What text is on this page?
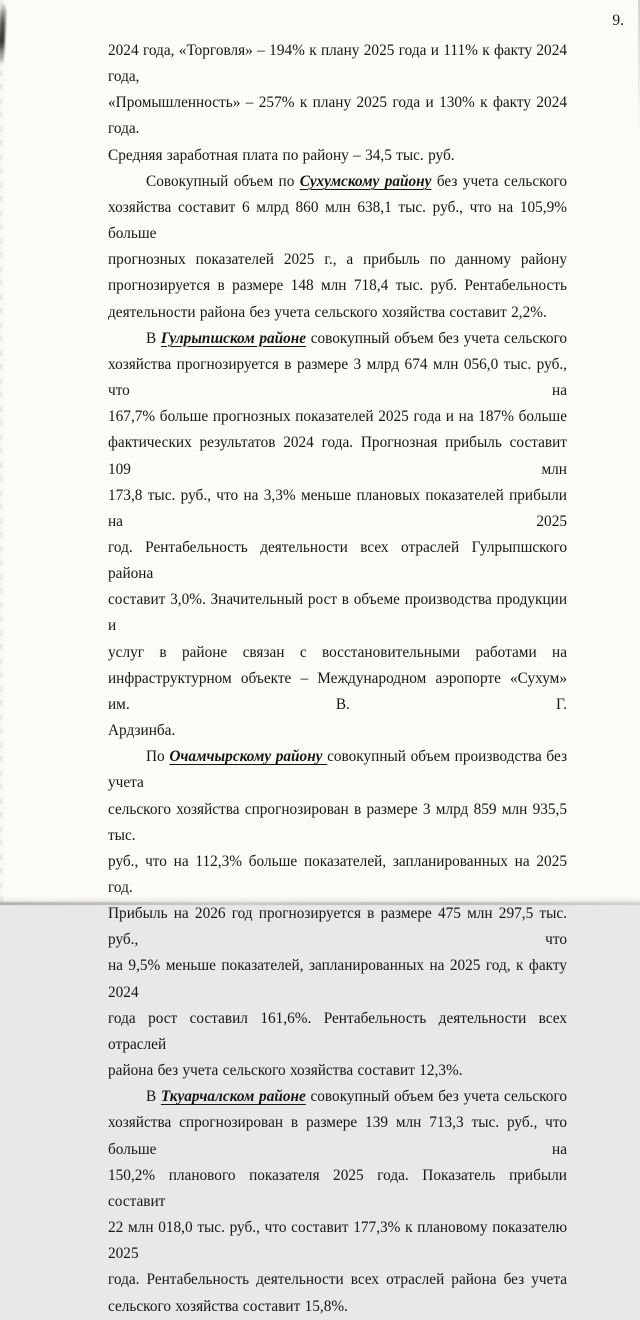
9.
2024 года, «Торговля» – 194% к плану 2025 года и 111% к факту 2024 года,
«Промышленность» – 257% к плану 2025 года и 130% к факту 2024 года.
Средняя заработная плата по району – 34,5 тыс. руб.
Совокупный объем по Сухумскому району без учета сельского
хозяйства составит 6 млрд 860 млн 638,1 тыс. руб., что на 105,9% больше
прогнозных показателей 2025 г., а прибыль по данному району
прогнозируется в размере 148 млн 718,4 тыс. руб. Рентабельность
деятельности района без учета сельского хозяйства составит 2,2%.
В Гулрыпшском районе совокупный объем без учета сельского
хозяйства прогнозируется в размере 3 млрд 674 млн 056,0 тыс. руб., что на
167,7% больше прогнозных показателей 2025 года и на 187% больше
фактических результатов 2024 года. Прогнозная прибыль составит 109 млн
173,8 тыс. руб., что на 3,3% меньше плановых показателей прибыли на 2025
год. Рентабельность деятельности всех отраслей Гулрыпшского района
составит 3,0%. Значительный рост в объеме производства продукции и
услуг в районе связан с восстановительными работами на
инфраструктурном объекте – Международном аэропорте «Сухум» им. В. Г.
Ардзинба.
По Очамчырскому району совокупный объем производства без учета
сельского хозяйства спрогнозирован в размере 3 млрд 859 млн 935,5 тыс.
руб., что на 112,3% больше показателей, запланированных на 2025 год.
Прибыль на 2026 год прогнозируется в размере 475 млн 297,5 тыс. руб., что
на 9,5% меньше показателей, запланированных на 2025 год, к факту 2024
года рост составил 161,6%. Рентабельность деятельности всех отраслей
района без учета сельского хозяйства составит 12,3%.
В Ткуарчалском районе совокупный объем без учета сельского
хозяйства спрогнозирован в размере 139 млн 713,3 тыс. руб., что больше на
150,2% планового показателя 2025 года. Показатель прибыли составит
22 млн 018,0 тыс. руб., что составит 177,3% к плановому показателю 2025
года. Рентабельность деятельности всех отраслей района без учета
сельского хозяйства составит 15,8%.
